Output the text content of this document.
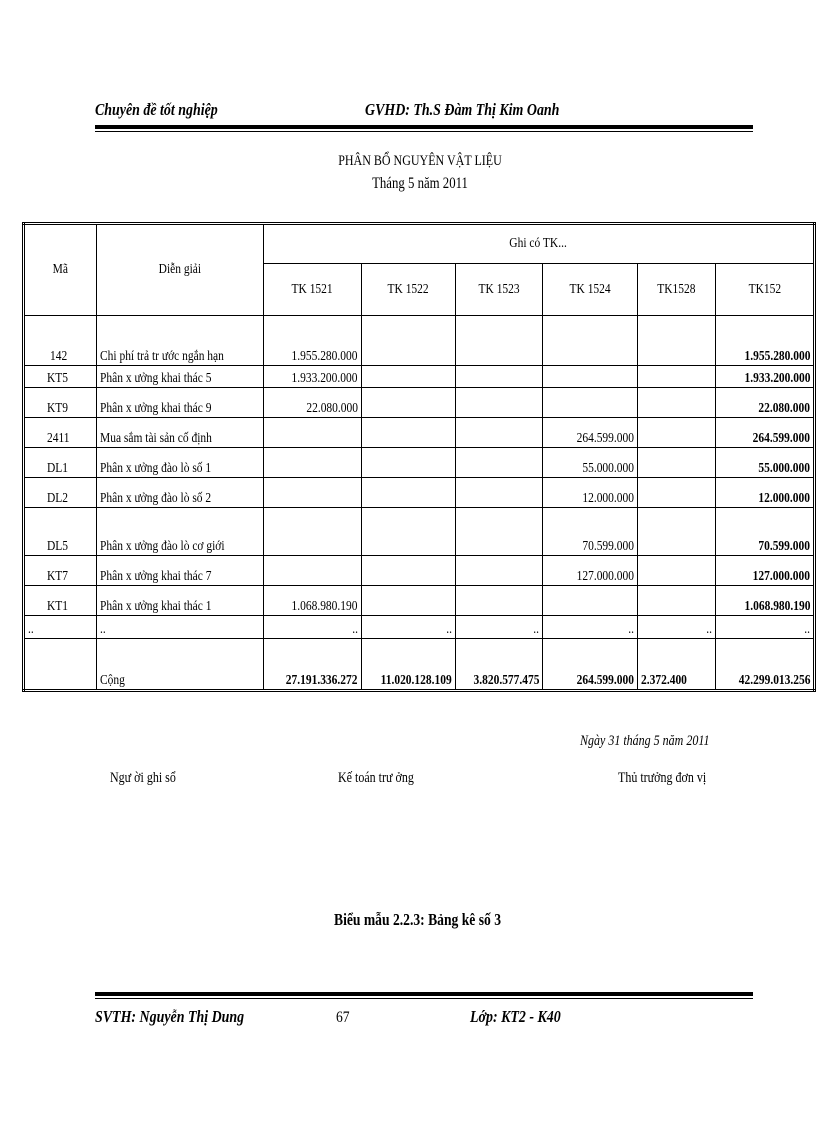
Chuyên đề tốt nghiệp	GVHD: Th.S Đàm Thị Kim Oanh
PHÂN BỔ NGUYÊN VẬT LIỆU
Tháng 5 năm 2011
Mã	Diễn giải	Ghi có TK...					
		TK 1521	TK 1522	TK 1523	TK 1524	TK1528	TK152
142	Chi phí trả tr ước ngắn hạn	1.955.280.000					1.955.280.000
KT5	Phân x ưởng khai thác 5	1.933.200.000					1.933.200.000
KT9	Phân x ưởng khai thác 9	22.080.000					22.080.000
2411	Mua sắm tài sản cố định				264.599.000		264.599.000
DL1	Phân x ưởng đào lò số 1				55.000.000		55.000.000
DL2	Phân x ưởng đào lò số 2				12.000.000		12.000.000
DL5	Phân x ưởng đào lò cơ giới				70.599.000		70.599.000
KT7	Phân x ưởng khai thác 7				127.000.000		127.000.000
KT1	Phân x ưởng khai thác 1	1.068.980.190					1.068.980.190
..	..	..	..	..	..	..	..
	Cộng	27.191.336.272	11.020.128.109	3.820.577.475	264.599.000	2.372.400	42.299.013.256
Ngày 31 tháng 5 năm 2011
Ngư ời ghi sổ	Kế toán trư ởng	Thủ trưởng đơn vị
Biểu mẫu 2.2.3: Bảng kê số 3
SVTH: Nguyễn Thị Dung	67	Lớp: KT2 - K40
